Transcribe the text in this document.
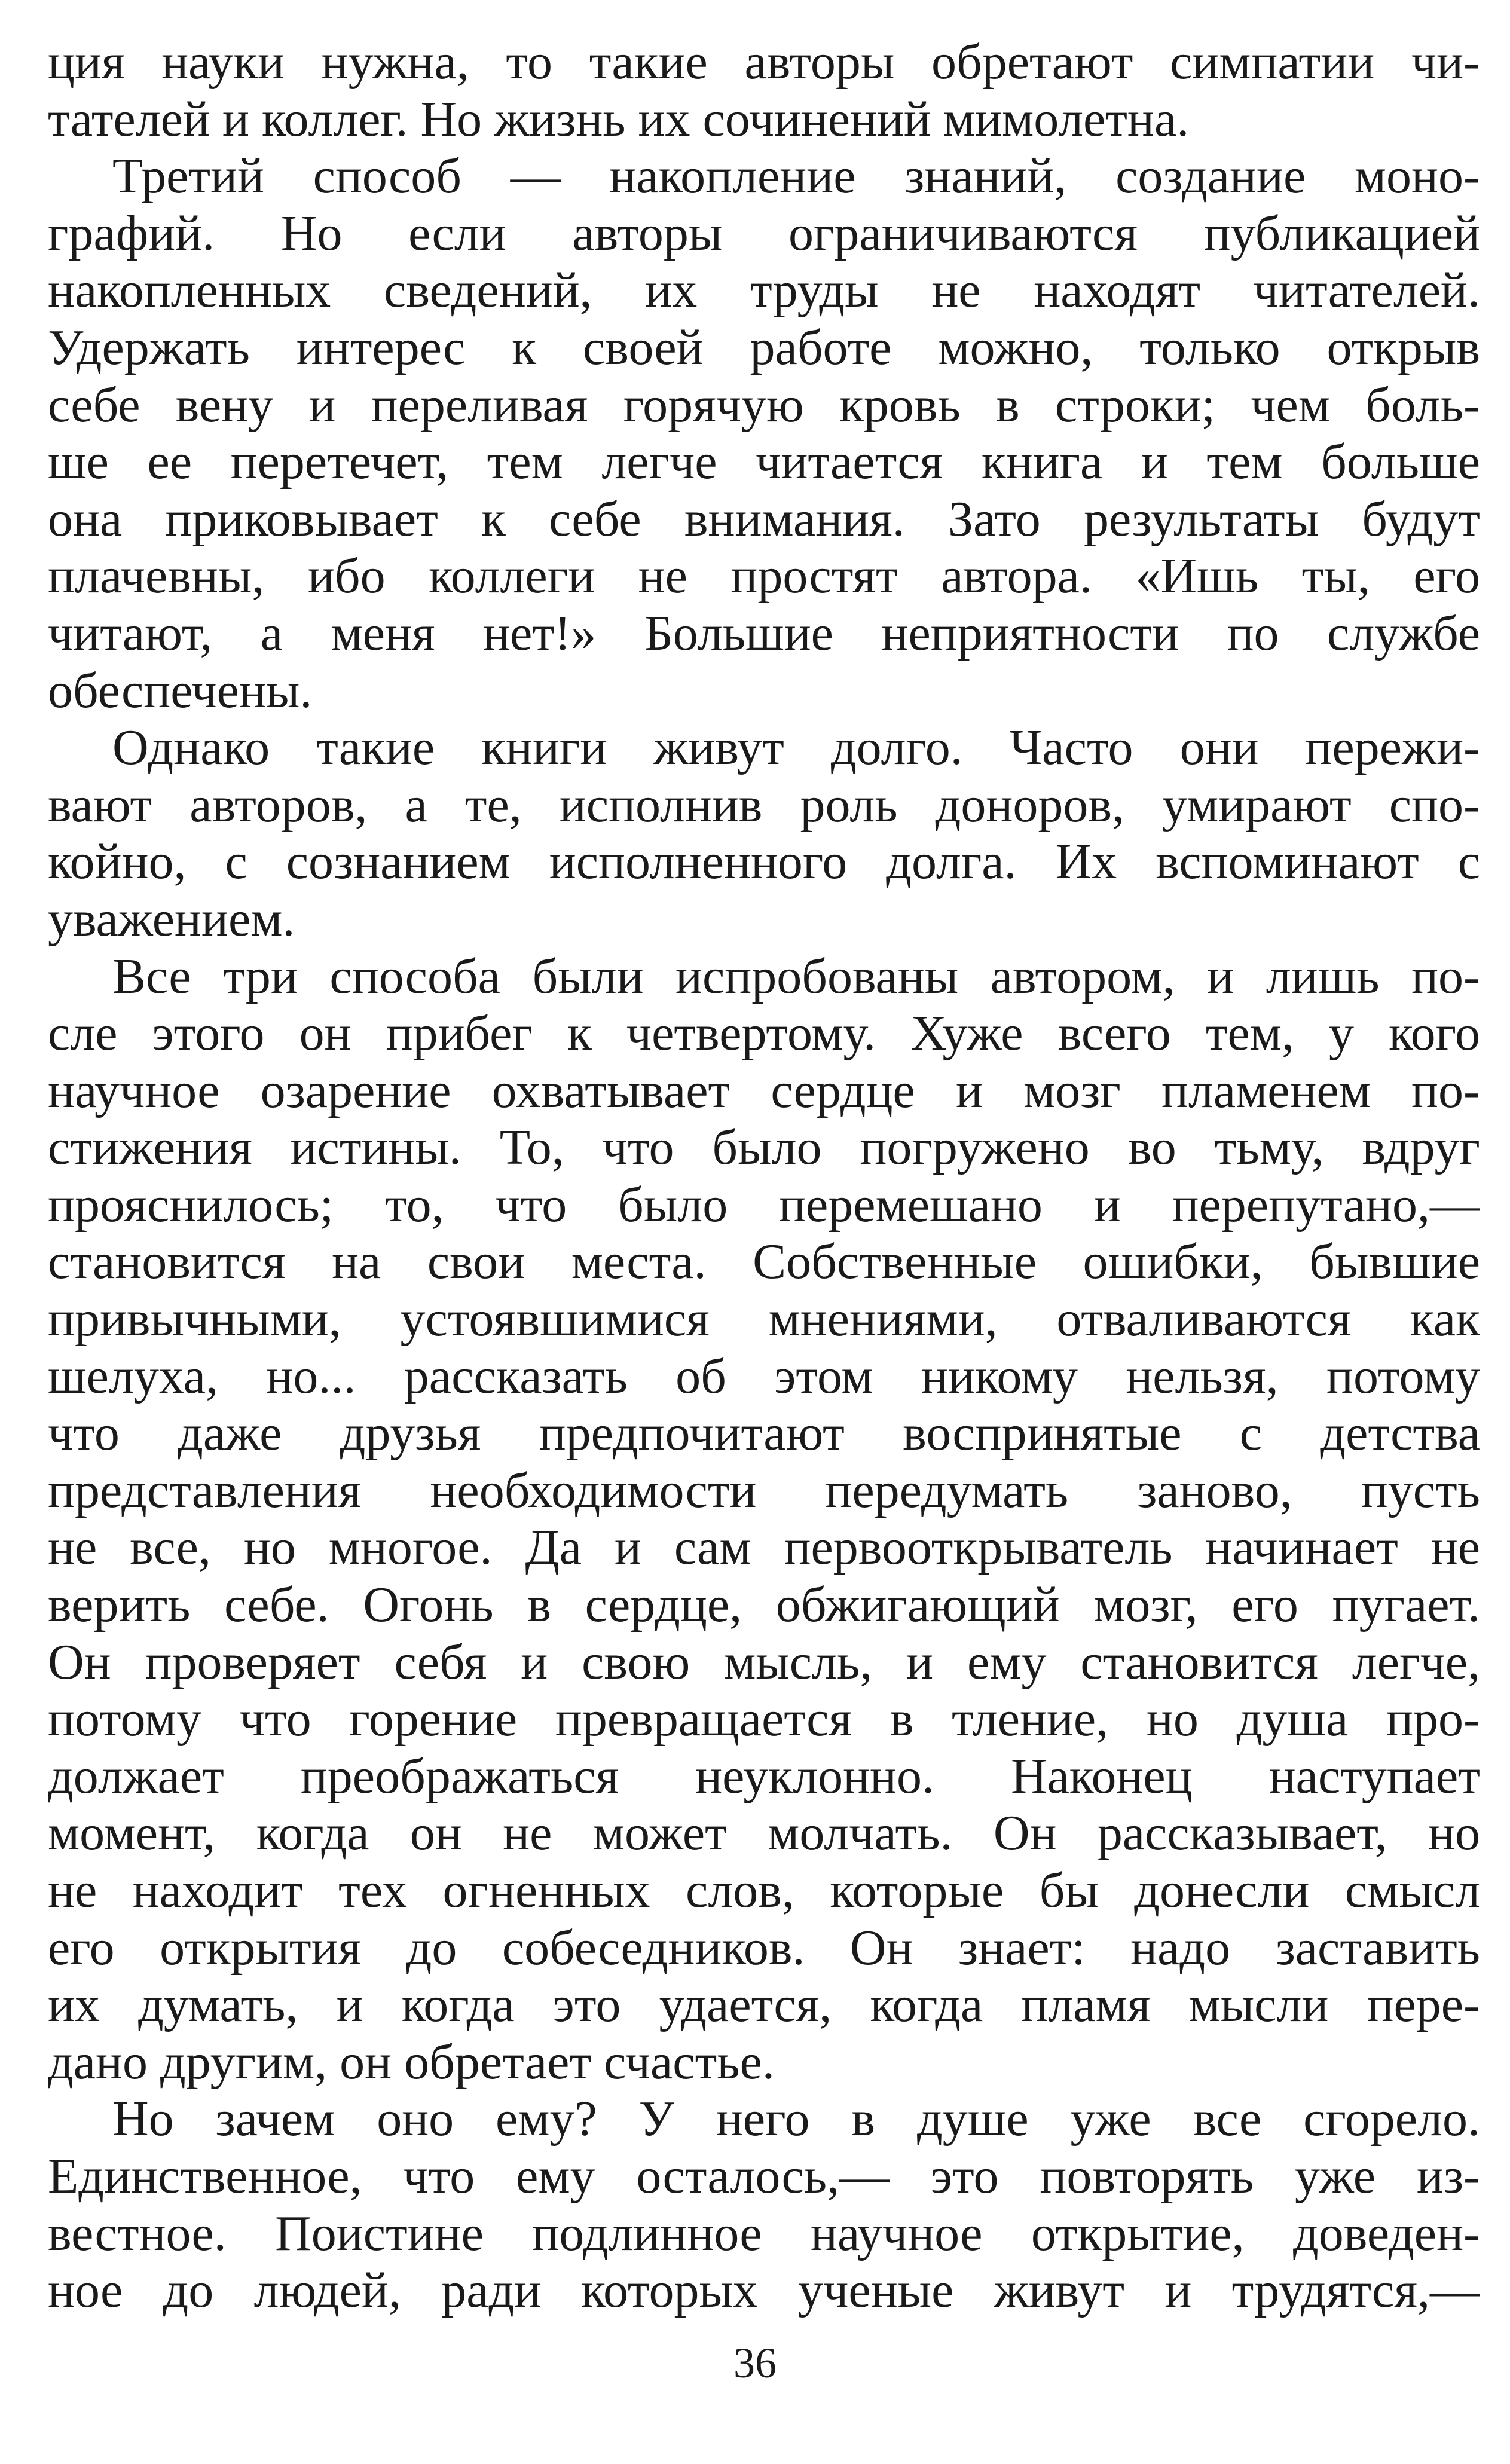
ция науки нужна, то такие авторы обретают симпатии чи-
тателей и коллег. Но жизнь их сочинений мимолетна.
Третий способ — накопление знаний, создание моно-
графий. Но если авторы ограничиваются публикацией
накопленных сведений, их труды не находят читателей.
Удержать интерес к своей работе можно, только открыв
себе вену и переливая горячую кровь в строки; чем боль-
ше ее перетечет, тем легче читается книга и тем больше
она приковывает к себе внимания. Зато результаты будут
плачевны, ибо коллеги не простят автора. «Ишь ты, его
читают, а меня нет!» Большие неприятности по службе
обеспечены.
Однако такие книги живут долго. Часто они пережи-
вают авторов, а те, исполнив роль доноров, умирают спо-
койно, с сознанием исполненного долга. Их вспоминают с
уважением.
Все три способа были испробованы автором, и лишь по-
сле этого он прибег к четвертому. Хуже всего тем, у кого
научное озарение охватывает сердце и мозг пламенем по-
стижения истины. То, что было погружено во тьму, вдруг
прояснилось; то, что было перемешано и перепутано,—
становится на свои места. Собственные ошибки, бывшие
привычными, устоявшимися мнениями, отваливаются как
шелуха, но... рассказать об этом никому нельзя, потому
что даже друзья предпочитают воспринятые с детства
представления необходимости передумать заново, пусть
не все, но многое. Да и сам первооткрыватель начинает не
верить себе. Огонь в сердце, обжигающий мозг, его пугает.
Он проверяет себя и свою мысль, и ему становится легче,
потому что горение превращается в тление, но душа про-
должает преображаться неуклонно. Наконец наступает
момент, когда он не может молчать. Он рассказывает, но
не находит тех огненных слов, которые бы донесли смысл
его открытия до собеседников. Он знает: надо заставить
их думать, и когда это удается, когда пламя мысли пере-
дано другим, он обретает счастье.
Но зачем оно ему? У него в душе уже все сгорело.
Единственное, что ему осталось,— это повторять уже из-
вестное. Поистине подлинное научное открытие, доведен-
ное до людей, ради которых ученые живут и трудятся,—
36
